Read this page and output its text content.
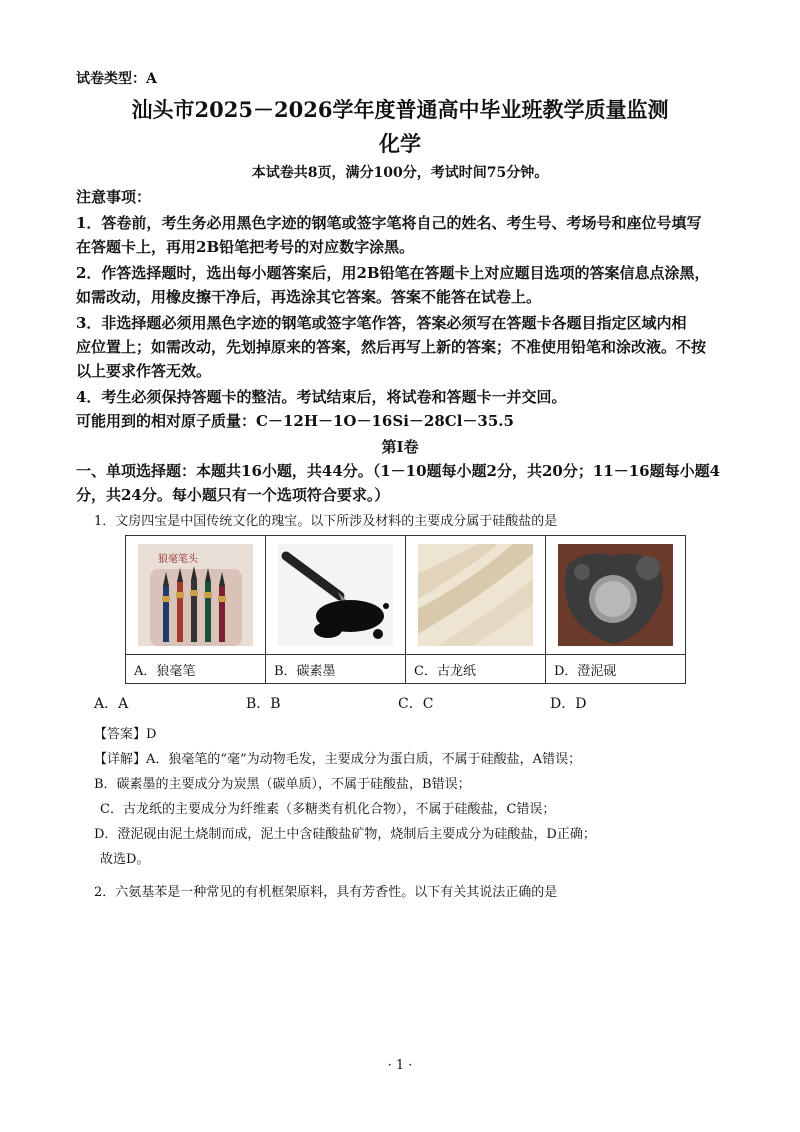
试卷类型：A
汕头市2025－2026学年度普通高中毕业班教学质量监测
化学
本试卷共8页，满分100分，考试时间75分钟。
注意事项：
1．答卷前，考生务必用黑色字迹的钢笔或签字笔将自己的姓名、考生号、考场号和座位号填写
在答题卡上，再用2B铅笔把考号的对应数字涂黑。
2．作答选择题时，选出每小题答案后，用2B铅笔在答题卡上对应题目选项的答案信息点涂黑，
如需改动，用橡皮擦干净后，再选涂其它答案。答案不能答在试卷上。
3．非选择题必须用黑色字迹的钢笔或签字笔作答，答案必须写在答题卡各题目指定区域内相
应位置上；如需改动，先划掉原来的答案，然后再写上新的答案；不准使用铅笔和涂改液。不按
以上要求作答无效。
4．考生必须保持答题卡的整洁。考试结束后，将试卷和答题卡一并交回。
可能用到的相对原子质量：C－12H－1O－16Si－28Cl－35.5
第Ⅰ卷
一、单项选择题：本题共16小题，共44分。（1－10题每小题2分，共20分；11－16题每小题4
分，共24分。每小题只有一个选项符合要求。）
1．文房四宝是中国传统文化的瑰宝。以下所涉及材料的主要成分属于硅酸盐的是
狼毫笔头

A．狼毫笔	B．碳素墨	C．古龙纸	D．澄泥砚
A．A	B．B	C．C	D．D
【答案】D
【详解】A．狼毫笔的“毫”为动物毛发，主要成分为蛋白质，不属于硅酸盐，A错误；
B．碳素墨的主要成分为炭黑（碳单质），不属于硅酸盐，B错误；
C．古龙纸的主要成分为纤维素（多糖类有机化合物），不属于硅酸盐，C错误；
D．澄泥砚由泥土烧制而成，泥土中含硅酸盐矿物，烧制后主要成分为硅酸盐，D正确；
故选D。
2．六氨基苯是一种常见的有机框架原料，具有芳香性。以下有关其说法正确的是
· 1 ·
